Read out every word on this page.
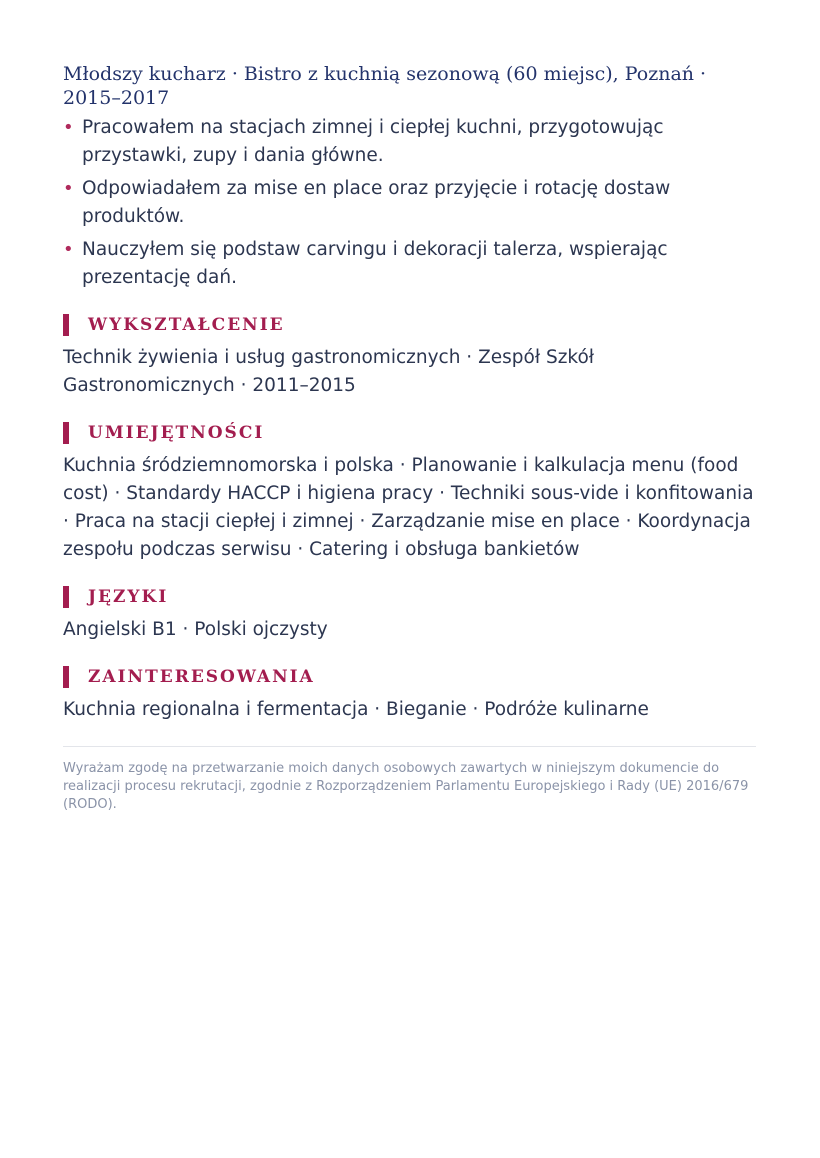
Młodszy kucharz · Bistro z kuchnią sezonową (60 miejsc), Poznań · 2015–2017

• Pracowałem na stacjach zimnej i ciepłej kuchni, przygotowując przystawki, zupy i dania główne.
• Odpowiadałem za mise en place oraz przyjęcie i rotację dostaw produktów.
• Nauczyłem się podstaw carvingu i dekoracji talerza, wspierając prezentację dań.
WYKSZTAŁCENIE

Technik żywienia i usług gastronomicznych · Zespół Szkół Gastronomicznych · 2011–2015

UMIEJĘTNOŚCI

Kuchnia śródziemnomorska i polska · Planowanie i kalkulacja menu (food cost) · Standardy HACCP i higiena pracy · Techniki sous-vide i konfitowania · Praca na stacji ciepłej i zimnej · Zarządzanie mise en place · Koordynacja zespołu podczas serwisu · Catering i obsługa bankietów

JĘZYKI

Angielski B1 · Polski ojczysty

ZAINTERESOWANIA

Kuchnia regionalna i fermentacja · Bieganie · Podróże kulinarne

Wyrażam zgodę na przetwarzanie moich danych osobowych zawartych w niniejszym dokumencie do realizacji procesu rekrutacji, zgodnie z Rozporządzeniem Parlamentu Europejskiego i Rady (UE) 2016/679 (RODO).
